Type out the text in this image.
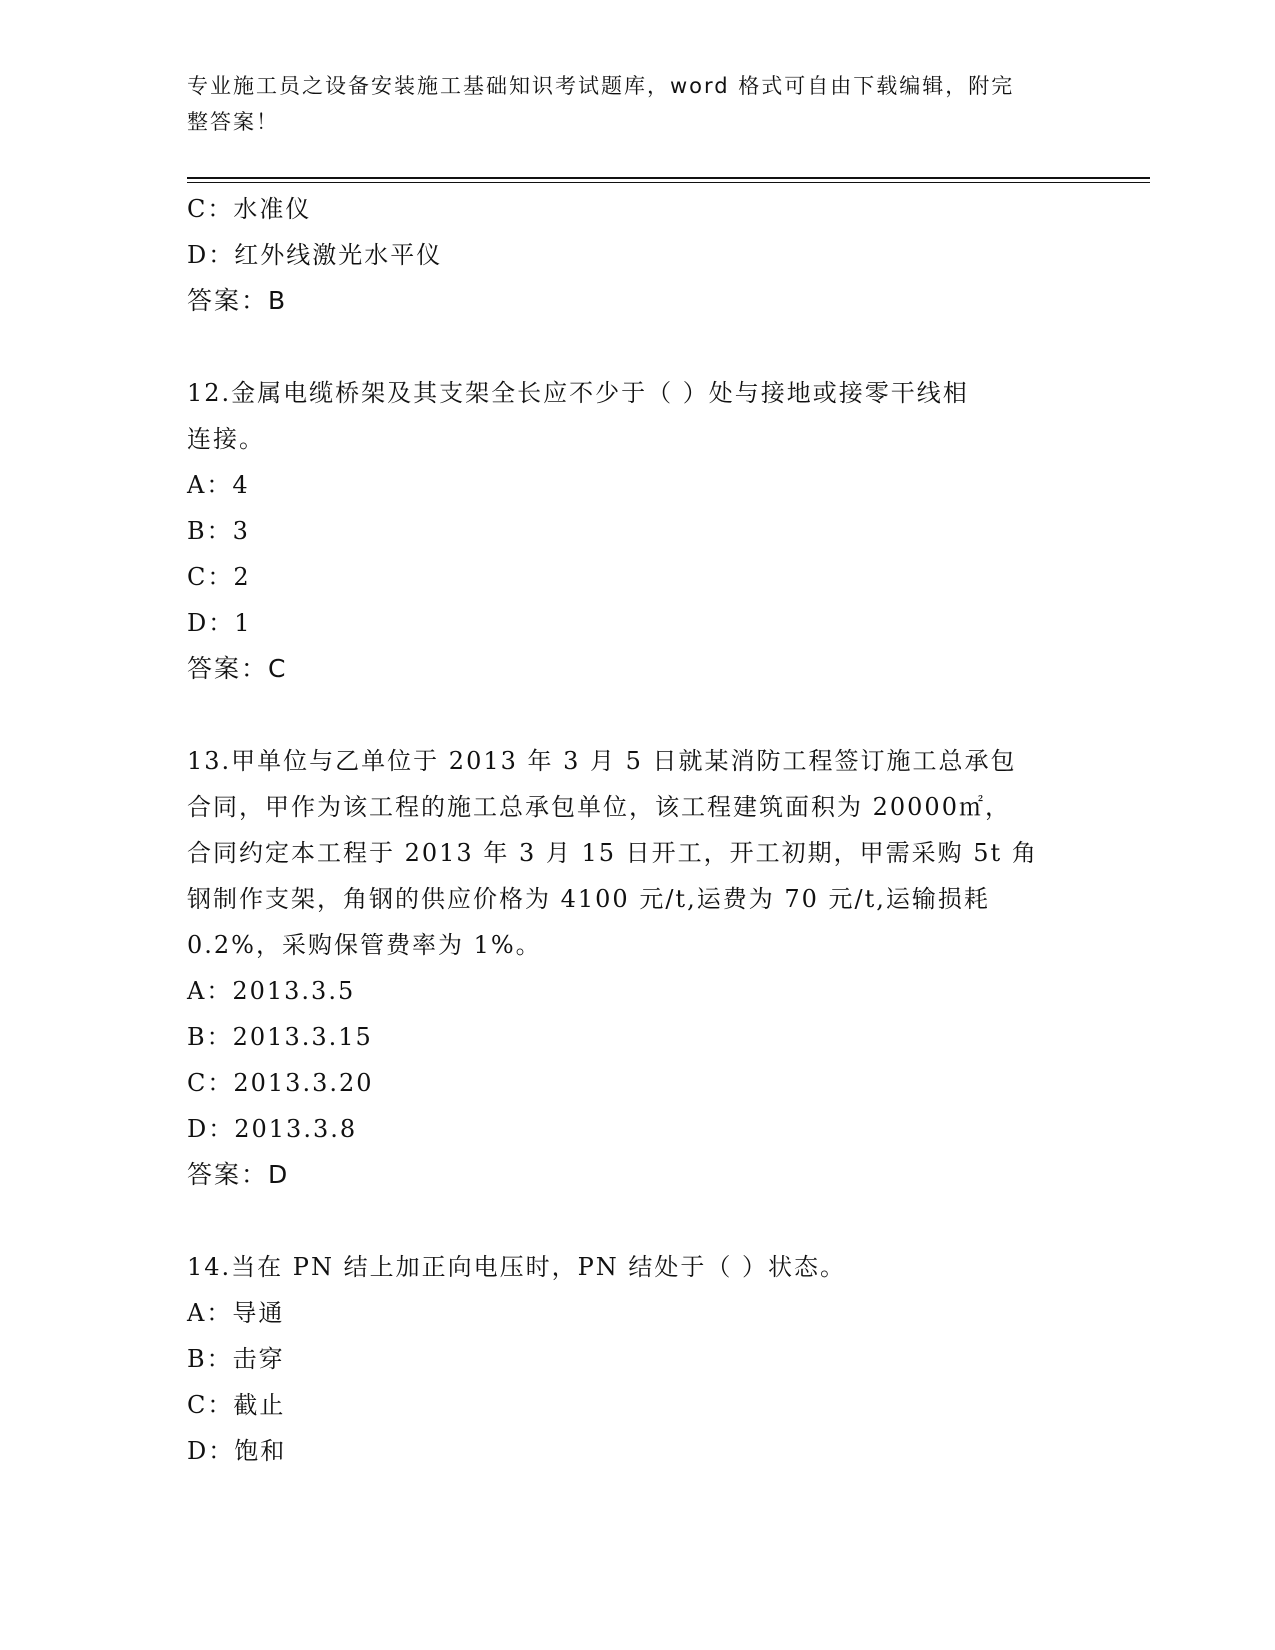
专业施工员之设备安装施工基础知识考试题库，word 格式可自由下载编辑，附完
整答案！
C：水准仪
D：红外线激光水平仪
答案：B
12.金属电缆桥架及其支架全长应不少于（ ）处与接地或接零干线相
连接。
A：4
B：3
C：2
D：1
答案：C
13.甲单位与乙单位于 2013 年 3 月 5 日就某消防工程签订施工总承包
合同，甲作为该工程的施工总承包单位，该工程建筑面积为 20000㎡，
合同约定本工程于 2013 年 3 月 15 日开工，开工初期，甲需采购 5t 角
钢制作支架，角钢的供应价格为 4100 元/t,运费为 70 元/t,运输损耗
0.2%，采购保管费率为 1%。
A：2013.3.5
B：2013.3.15
C：2013.3.20
D：2013.3.8
答案：D
14.当在 PN 结上加正向电压时，PN 结处于（ ）状态。
A：导通
B：击穿
C：截止
D：饱和
